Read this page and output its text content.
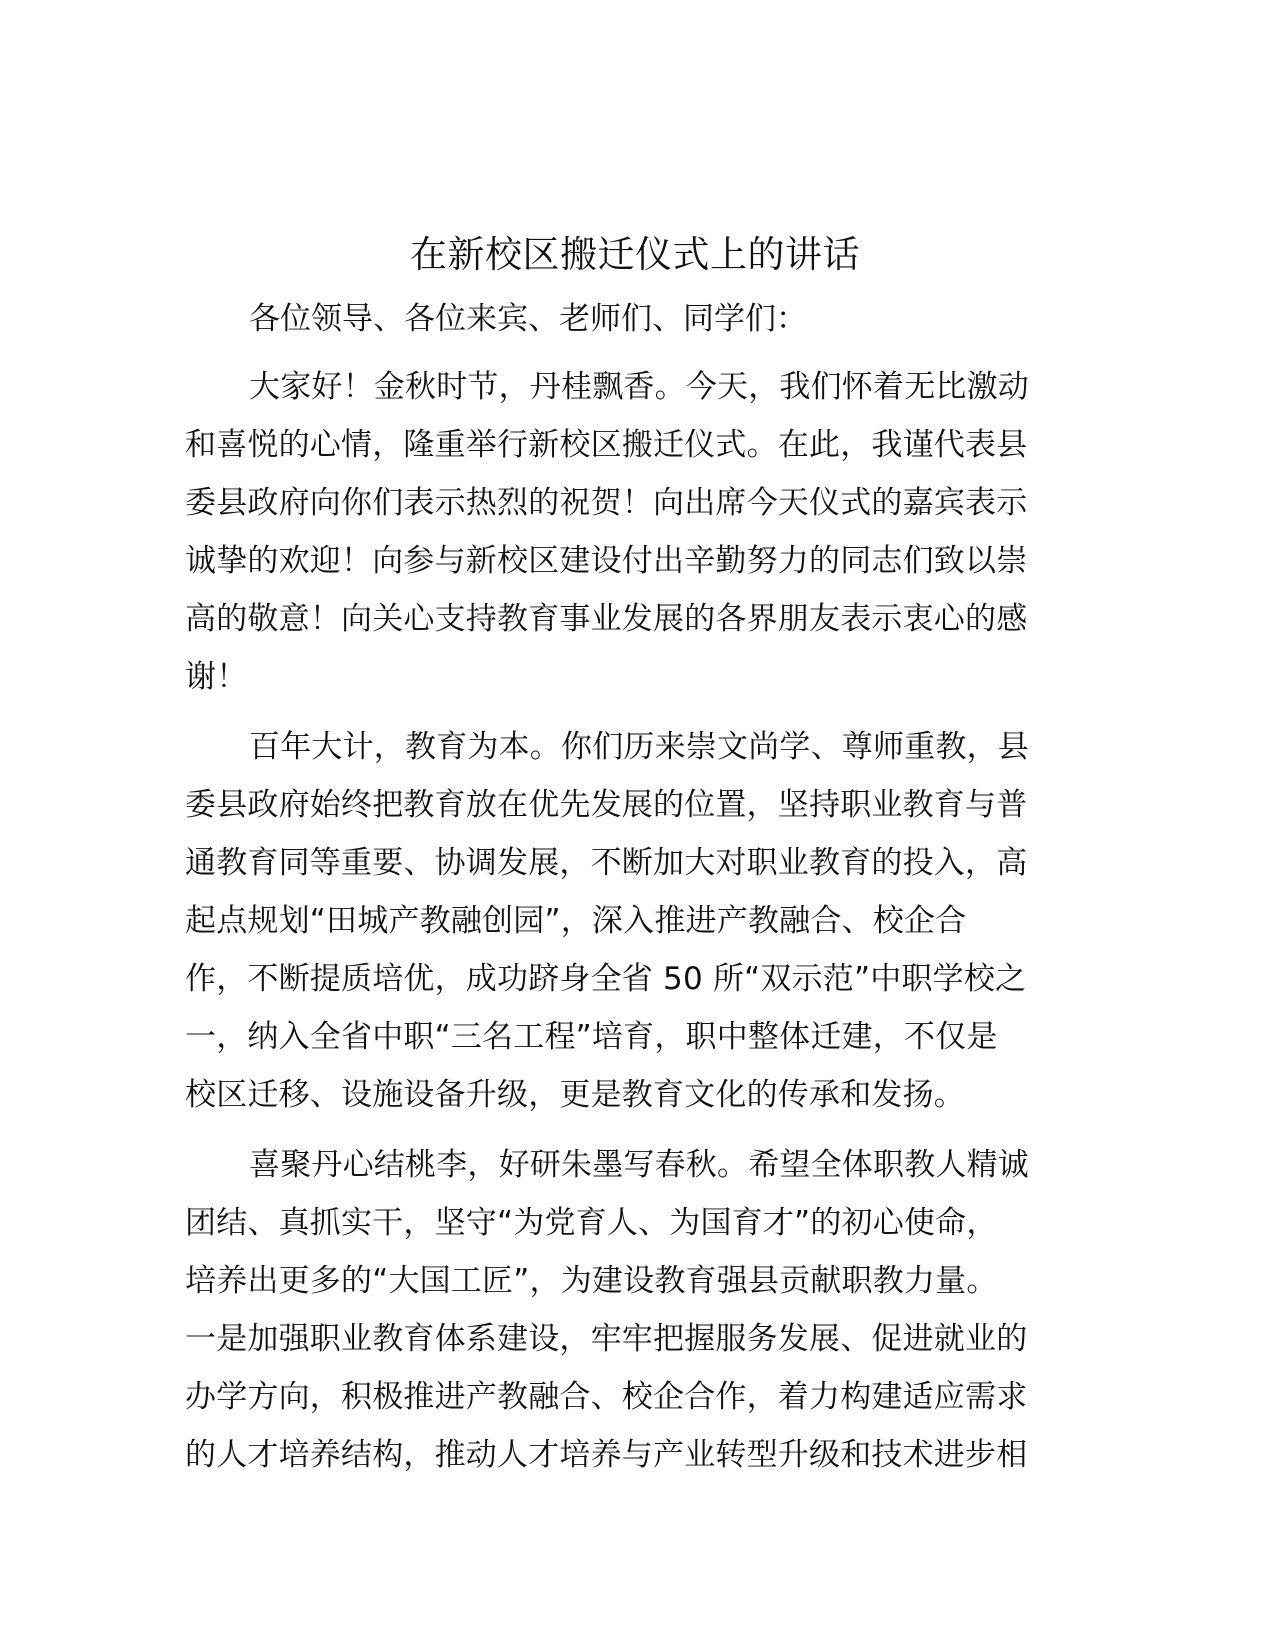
在新校区搬迁仪式上的讲话

各位领导、各位来宾、老师们、同学们：

大家好！金秋时节，丹桂飘香。今天，我们怀着无比激动
和喜悦的心情，隆重举行新校区搬迁仪式。在此，我谨代表县
委县政府向你们表示热烈的祝贺！向出席今天仪式的嘉宾表示
诚挚的欢迎！向参与新校区建设付出辛勤努力的同志们致以崇
高的敬意！向关心支持教育事业发展的各界朋友表示衷心的感
谢！
百年大计，教育为本。你们历来崇文尚学、尊师重教，县
委县政府始终把教育放在优先发展的位置，坚持职业教育与普
通教育同等重要、协调发展，不断加大对职业教育的投入，高
起点规划“田城产教融创园”，深入推进产教融合、校企合
作，不断提质培优，成功跻身全省 50 所“双示范”中职学校之
一，纳入全省中职“三名工程”培育，职中整体迁建，不仅是
校区迁移、设施设备升级，更是教育文化的传承和发扬。
喜聚丹心结桃李，好研朱墨写春秋。希望全体职教人精诚
团结、真抓实干，坚守“为党育人、为国育才”的初心使命，
培养出更多的“大国工匠”，为建设教育强县贡献职教力量。
一是加强职业教育体系建设，牢牢把握服务发展、促进就业的
办学方向，积极推进产教融合、校企合作，着力构建适应需求
的人才培养结构，推动人才培养与产业转型升级和技术进步相
